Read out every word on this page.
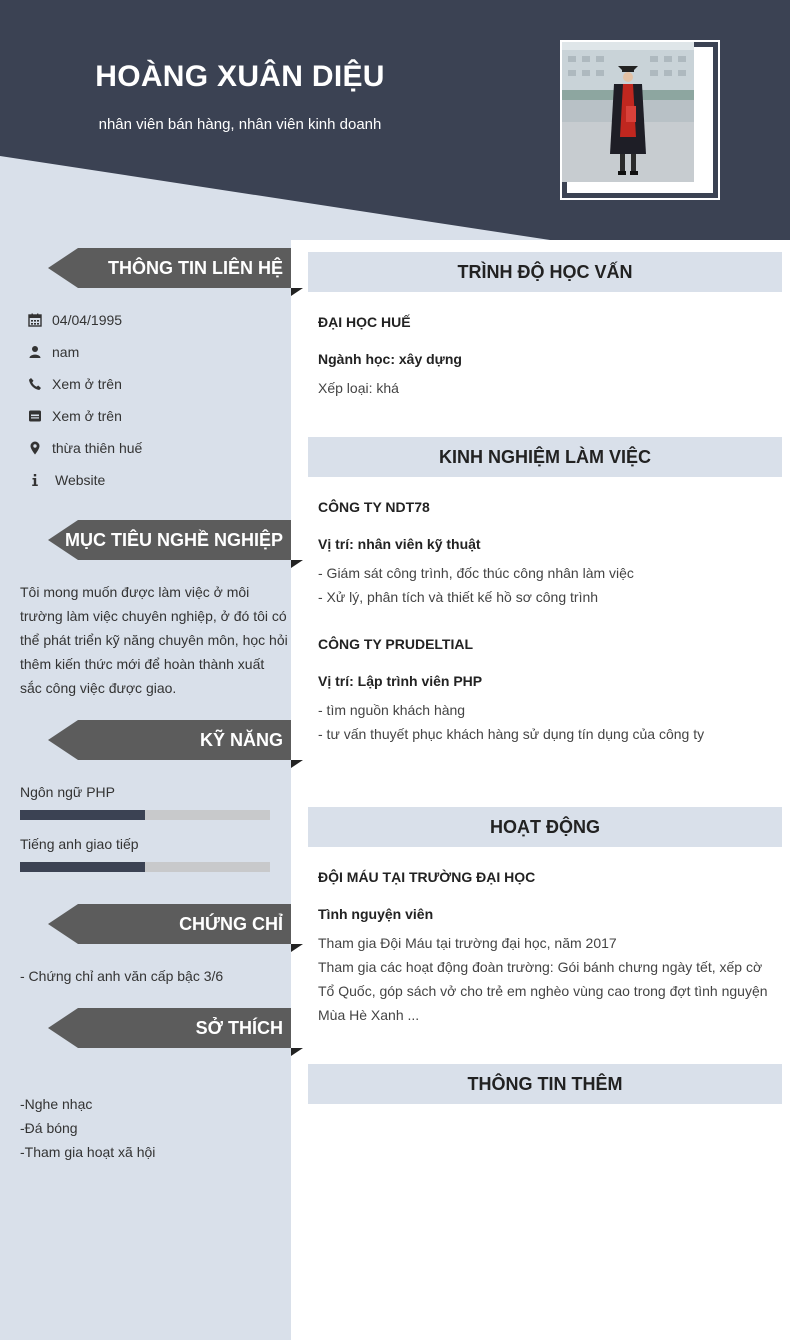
HOÀNG XUÂN DIỆU
nhân viên bán hàng, nhân viên kinh doanh
THÔNG TIN LIÊN HỆ
04/04/1995
nam
Xem ở trên
Xem ở trên
thừa thiên huế
Website
MỤC TIÊU NGHỀ NGHIỆP
Tôi mong muốn được làm việc ở môi trường làm việc chuyên nghiệp, ở đó tôi có thể phát triển kỹ năng chuyên môn, học hỏi thêm kiến thức mới để hoàn thành xuất sắc công việc được giao.
KỸ NĂNG
Ngôn ngữ PHP
Tiếng anh giao tiếp
CHỨNG CHỈ
- Chứng chỉ anh văn cấp bậc 3/6
SỞ THÍCH
-Nghe nhạc
-Đá bóng
-Tham gia hoạt xã hội
TRÌNH ĐỘ HỌC VẤN
ĐẠI HỌC HUẾ
Ngành học: xây dựng
Xếp loại: khá
KINH NGHIỆM LÀM VIỆC
CÔNG TY NDT78
Vị trí: nhân viên kỹ thuật
- Giám sát công trình, đốc thúc công nhân làm việc
- Xử lý, phân tích và thiết kế hồ sơ công trình
CÔNG TY PRUDELTIAL
Vị trí: Lập trình viên PHP
- tìm nguồn khách hàng
- tư vấn thuyết phục khách hàng sử dụng tín dụng của công ty
HOẠT ĐỘNG
ĐỘI MÁU TẠI TRƯỜNG ĐẠI HỌC
Tình nguyện viên
Tham gia Đội Máu tại trường đại học, năm 2017
Tham gia các hoạt động đoàn trường: Gói bánh chưng ngày tết, xếp cờ
Tổ Quốc, góp sách vở cho trẻ em nghèo vùng cao trong đợt tình nguyện
Mùa Hè Xanh ...
THÔNG TIN THÊM
